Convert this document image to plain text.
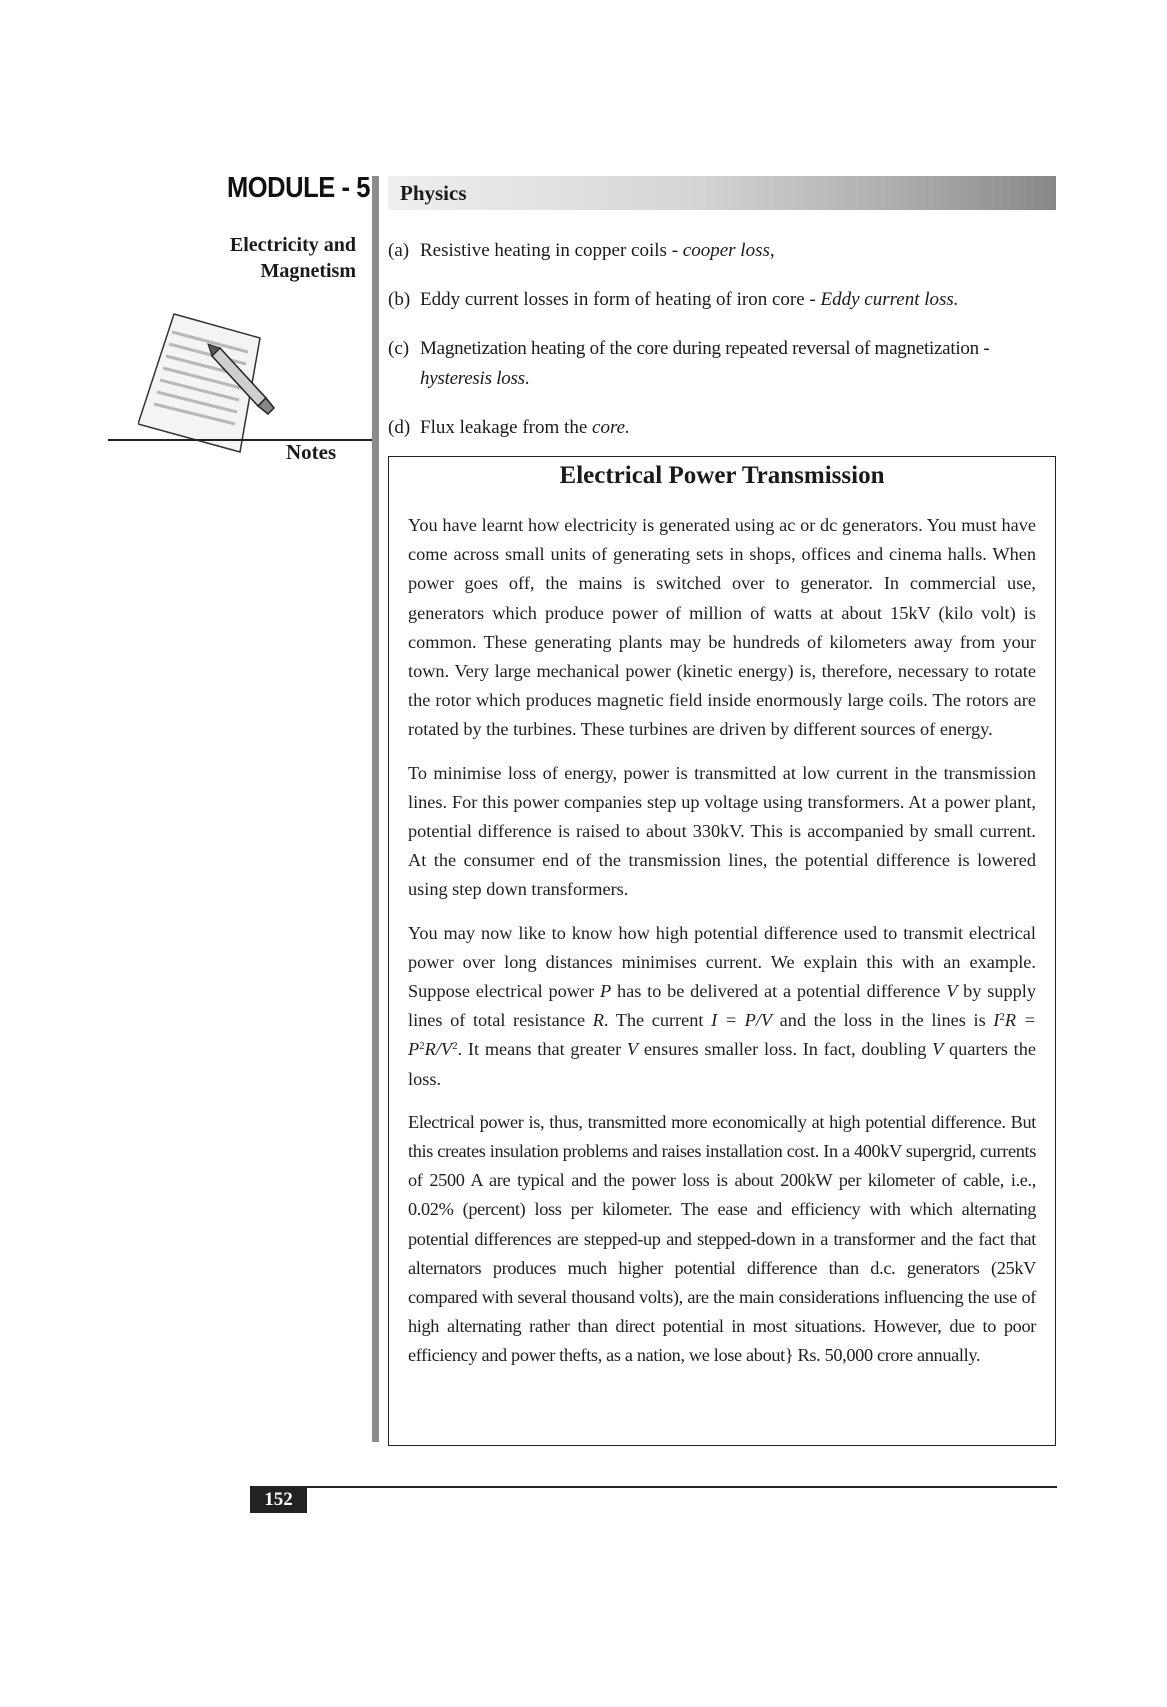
MODULE - 5
Electricity and
Magnetism
Notes
Physics
(a) Resistive heating in copper coils - cooper loss,
(b) Eddy current losses in form of heating of iron core - Eddy current loss.
(c) Magnetization heating of the core during repeated reversal of magnetization - hysteresis loss.
(d) Flux leakage from the core.
Electrical Power Transmission

You have learnt how electricity is generated using ac or dc generators. You must have come across small units of generating sets in shops, offices and cinema halls. When power goes off, the mains is switched over to generator. In commercial use, generators which produce power of million of watts at about 15kV (kilo volt) is common. These generating plants may be hundreds of kilometers away from your town. Very large mechanical power (kinetic energy) is, therefore, necessary to rotate the rotor which produces magnetic field inside enormously large coils. The rotors are rotated by the turbines. These turbines are driven by different sources of energy.

To minimise loss of energy, power is transmitted at low current in the transmission lines. For this power companies step up voltage using transformers. At a power plant, potential difference is raised to about 330kV. This is accompanied by small current. At the consumer end of the transmission lines, the potential difference is lowered using step down transformers.

You may now like to know how high potential difference used to transmit electrical power over long distances minimises current. We explain this with an example. Suppose electrical power P has to be delivered at a potential difference V by supply lines of total resistance R. The current I = P/V and the loss in the lines is $I^2R = P^2R/V^2$. It means that greater V ensures smaller loss. In fact, doubling V quarters the loss.

Electrical power is, thus, transmitted more economically at high potential difference. But this creates insulation problems and raises installation cost. In a 400kV supergrid, currents of 2500 A are typical and the power loss is about 200kW per kilometer of cable, i.e., 0.02% (percent) loss per kilometer. The ease and efficiency with which alternating potential differences are stepped-up and stepped-down in a transformer and the fact that alternators produces much higher potential difference than d.c. generators (25kV compared with several thousand volts), are the main considerations influencing the use of high alternating rather than direct potential in most situations. However, due to poor efficiency and power thefts, as a nation, we lose about} Rs. 50,000 crore annually.

152
